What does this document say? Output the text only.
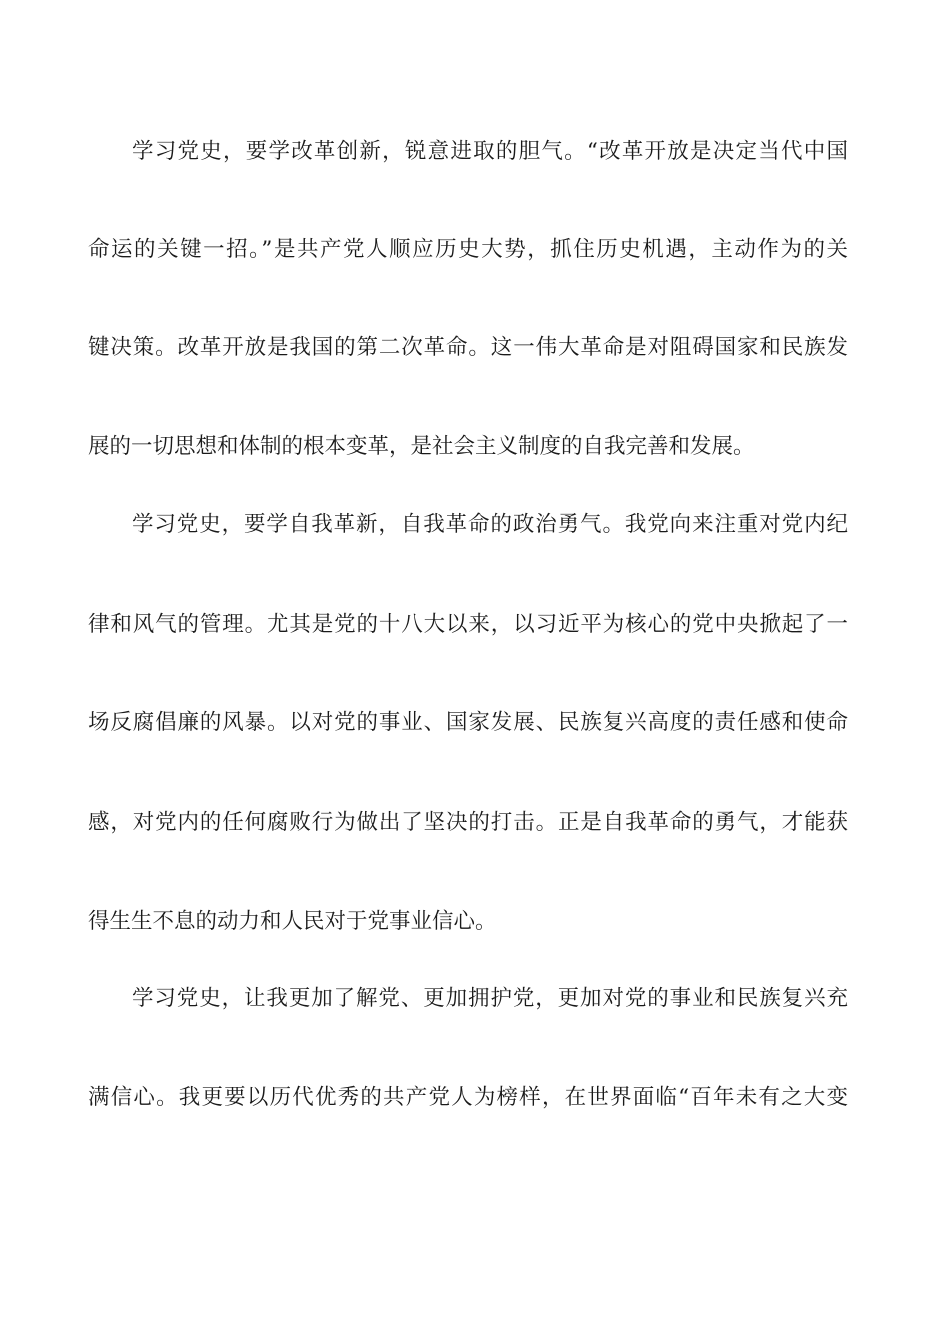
学习党史，要学改革创新，锐意进取的胆气。“改革开放是决定当代中国
命运的关键一招。”是共产党人顺应历史大势，抓住历史机遇，主动作为的关
键决策。改革开放是我国的第二次革命。这一伟大革命是对阻碍国家和民族发
展的一切思想和体制的根本变革，是社会主义制度的自我完善和发展。
学习党史，要学自我革新，自我革命的政治勇气。我党向来注重对党内纪
律和风气的管理。尤其是党的十八大以来，以习近平为核心的党中央掀起了一
场反腐倡廉的风暴。以对党的事业、国家发展、民族复兴高度的责任感和使命
感，对党内的任何腐败行为做出了坚决的打击。正是自我革命的勇气，才能获
得生生不息的动力和人民对于党事业信心。
学习党史，让我更加了解党、更加拥护党，更加对党的事业和民族复兴充
满信心。我更要以历代优秀的共产党人为榜样，在世界面临“百年未有之大变
